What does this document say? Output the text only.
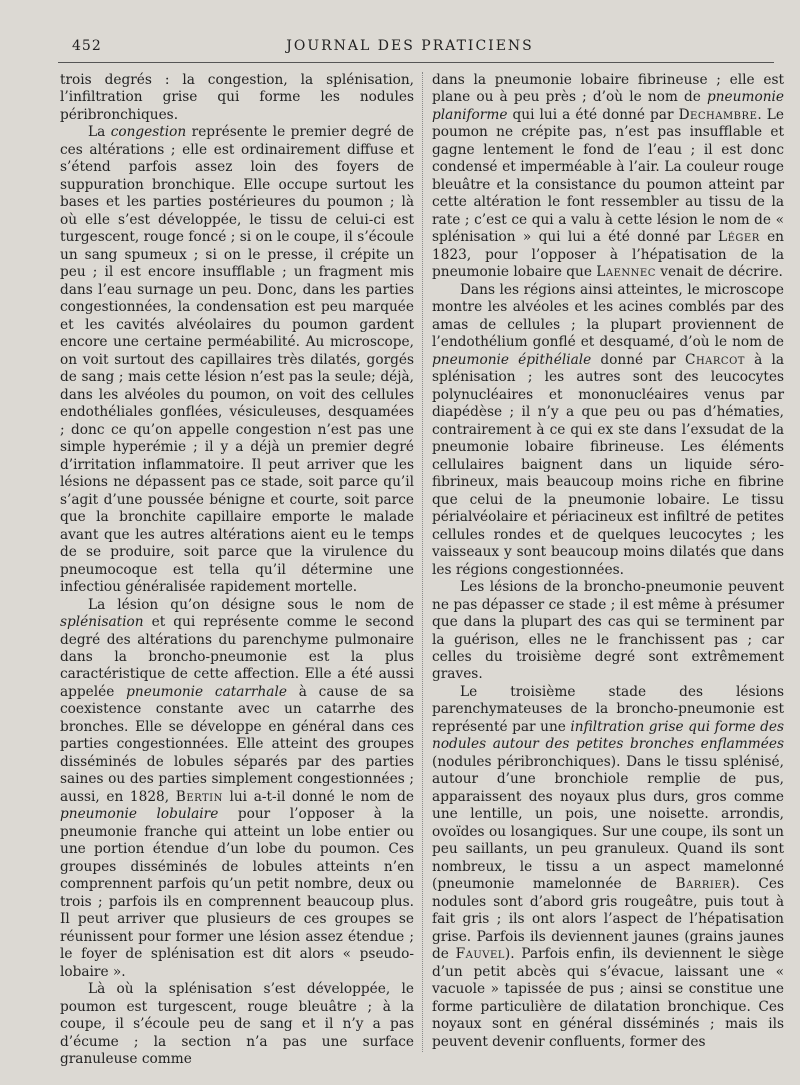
452	JOURNAL DES PRATICIENS

trois degrés : la congestion, la splénisation, l’infiltration grise qui forme les nodules péribronchiques.

La congestion représente le premier degré de ces altérations ; elle est ordinairement diffuse et s’étend parfois assez loin des foyers de suppuration bronchique. Elle occupe surtout les bases et les parties postérieures du poumon ; là où elle s’est développée, le tissu de celui-ci est turgescent, rouge foncé ; si on le coupe, il s’écoule un sang spumeux ; si on le presse, il crépite un peu ; il est encore insufflable ; un fragment mis dans l’eau surnage un peu. Donc, dans les parties congestionnées, la condensation est peu marquée et les cavités alvéolaires du poumon gardent encore une certaine perméabilité. Au microscope, on voit surtout des capillaires très dilatés, gorgés de sang ; mais cette lésion n’est pas la seule; déjà, dans les alvéoles du poumon, on voit des cellules endothéliales gonflées, vésiculeuses, desquamées ; donc ce qu’on appelle congestion n’est pas une simple hyperémie ; il y a déjà un premier degré d’irritation inflammatoire. Il peut arriver que les lésions ne dépassent pas ce stade, soit parce qu’il s’agit d’une poussée bénigne et courte, soit parce que la bronchite capillaire emporte le malade avant que les autres altérations aient eu le temps de se produire, soit parce que la virulence du pneumocoque est tella qu’il détermine une infectiou généralisée rapidement mortelle.

La lésion qu’on désigne sous le nom de splénisation et qui représente comme le second degré des altérations du parenchyme pulmonaire dans la broncho-pneumonie est la plus caractéristique de cette affection. Elle a été aussi appelée pneumonie catarrhale à cause de sa coexistence constante avec un catarrhe des bronches. Elle se développe en général dans ces parties congestionnées. Elle atteint des groupes disséminés de lobules séparés par des parties saines ou des parties simplement congestionnées ; aussi, en 1828, Bertin lui a-t-il donné le nom de pneumonie lobulaire pour l’opposer à la pneumonie franche qui atteint un lobe entier ou une portion étendue d’un lobe du poumon. Ces groupes disséminés de lobules atteints n’en comprennent parfois qu’un petit nombre, deux ou trois ; parfois ils en comprennent beaucoup plus. Il peut arriver que plusieurs de ces groupes se réunissent pour former une lésion assez étendue ; le foyer de splénisation est dit alors « pseudo-lobaire ».

Là où la splénisation s’est développée, le poumon est turgescent, rouge bleuâtre ; à la coupe, il s’écoule peu de sang et il n’y a pas d’écume ; la section n’a pas une surface granuleuse comme

dans la pneumonie lobaire fibrineuse ; elle est plane ou à peu près ; d’où le nom de pneumonie planiforme qui lui a été donné par Dechambre. Le poumon ne crépite pas, n’est pas insufflable et gagne lentement le fond de l’eau ; il est donc condensé et imperméable à l’air. La couleur rouge bleuâtre et la consistance du poumon atteint par cette altération le font ressembler au tissu de la rate ; c’est ce qui a valu à cette lésion le nom de « splénisation » qui lui a été donné par Léger en 1823, pour l’opposer à l’hépatisation de la pneumonie lobaire que Laennec venait de décrire.

Dans les régions ainsi atteintes, le microscope montre les alvéoles et les acines comblés par des amas de cellules ; la plupart proviennent de l’endothélium gonflé et desquamé, d’où le nom de pneumonie épithéliale donné par Charcot à la splénisation ; les autres sont des leucocytes polynucléaires et mononucléaires venus par diapédèse ; il n’y a que peu ou pas d’hématies, contrairement à ce qui ex ste dans l’exsudat de la pneumonie lobaire fibrineuse. Les éléments cellulaires baignent dans un liquide séro-fibrineux, mais beaucoup moins riche en fibrine que celui de la pneumonie lobaire. Le tissu périalvéolaire et périacineux est infiltré de petites cellules rondes et de quelques leucocytes ; les vaisseaux y sont beaucoup moins dilatés que dans les régions congestionnées.

Les lésions de la broncho-pneumonie peuvent ne pas dépasser ce stade ; il est même à présumer que dans la plupart des cas qui se terminent par la guérison, elles ne le franchissent pas ; car celles du troisième degré sont extrêmement graves.

Le troisième stade des lésions parenchymateuses de la broncho-pneumonie est représenté par une infiltration grise qui forme des nodules autour des petites bronches enflammées (nodules péribronchiques). Dans le tissu splénisé, autour d’une bronchiole remplie de pus, apparaissent des noyaux plus durs, gros comme une lentille, un pois, une noisette. arrondis, ovoïdes ou losangiques. Sur une coupe, ils sont un peu saillants, un peu granuleux. Quand ils sont nombreux, le tissu a un aspect mamelonné (pneumonie mamelonnée de Barrier). Ces nodules sont d’abord gris rougeâtre, puis tout à fait gris ; ils ont alors l’aspect de l’hépatisation grise. Parfois ils deviennent jaunes (grains jaunes de Fauvel). Parfois enfin, ils deviennent le siège d’un petit abcès qui s’évacue, laissant une « vacuole » tapissée de pus ; ainsi se constitue une forme particulière de dilatation bronchique. Ces noyaux sont en général disséminés ; mais ils peuvent devenir confluents, former des
